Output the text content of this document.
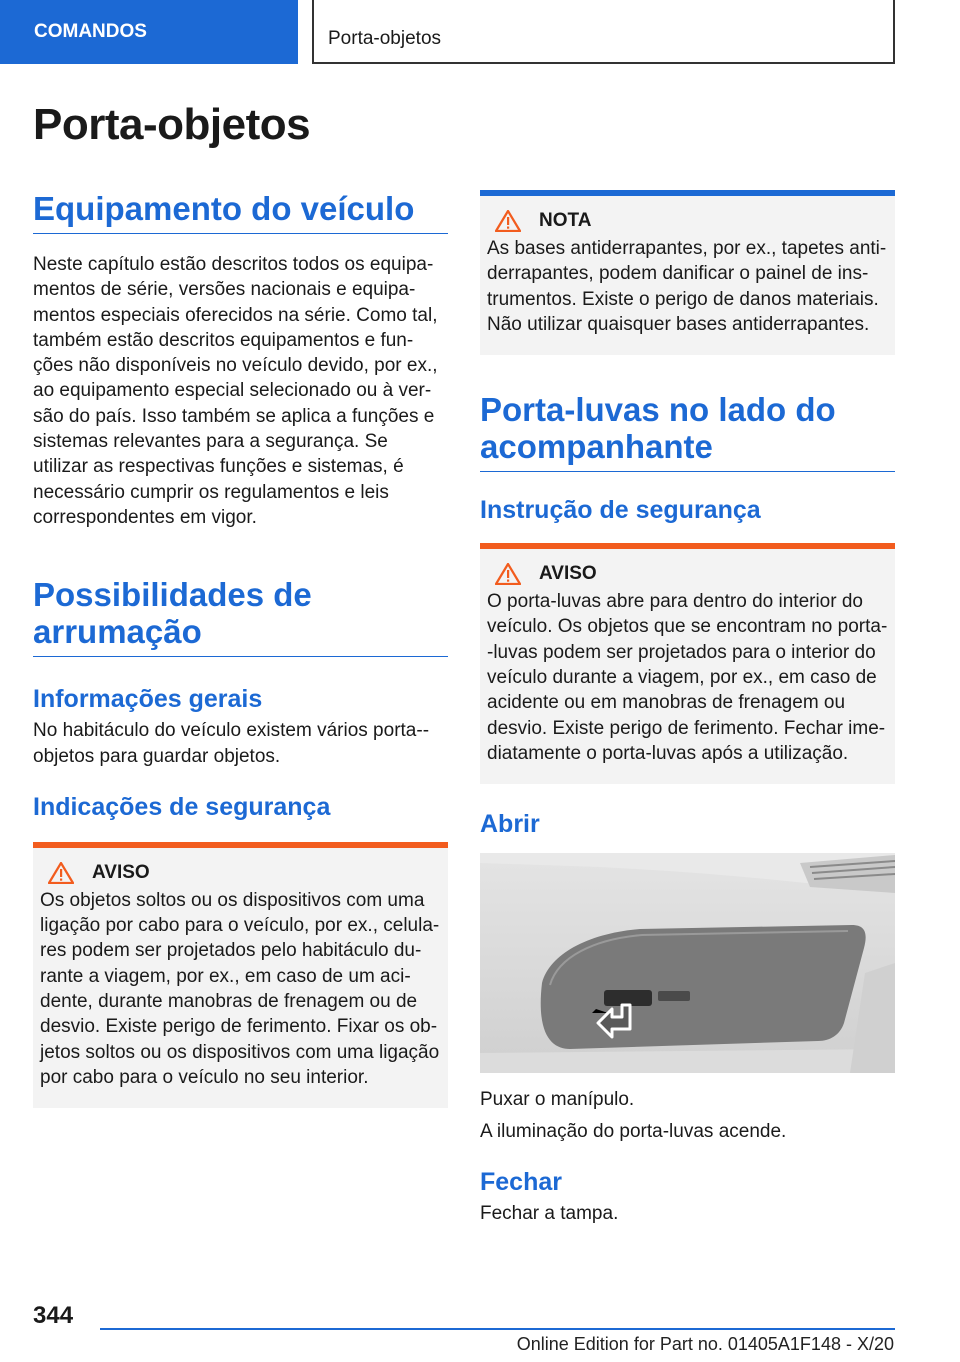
COMANDOS	Porta-objetos
Porta-objetos
Equipamento do veículo

Neste capítulo estão descritos todos os equipa-mentos de série, versões nacionais e equipa-mentos especiais oferecidos na série. Como tal, também estão descritos equipamentos e fun-ções não disponíveis no veículo devido, por ex., ao equipamento especial selecionado ou à ver-são do país. Isso também se aplica a funções e sistemas relevantes para a segurança. Se utilizar as respectivas funções e sistemas, é necessário cumprir os regulamentos e leis correspondentes em vigor.

Possibilidades de arrumação
Informações gerais

No habitáculo do veículo existem vários porta--objetos para guardar objetos.

Indicações de segurança
AVISO

Os objetos soltos ou os dispositivos com uma ligação por cabo para o veículo, por ex., celula-res podem ser projetados pelo habitáculo du-rante a viagem, por ex., em caso de um aci-dente, durante manobras de frenagem ou de desvio. Existe perigo de ferimento. Fixar os ob-jetos soltos ou os dispositivos com uma ligação por cabo para o veículo no seu interior.

NOTA

As bases antiderrapantes, por ex., tapetes anti-derrapantes, podem danificar o painel de ins-trumentos. Existe o perigo de danos materiais. Não utilizar quaisquer bases antiderrapantes.

Porta-luvas no lado do acompanhante
Instrução de segurança
AVISO

O porta-luvas abre para dentro do interior do veículo. Os objetos que se encontram no porta--luvas podem ser projetados para o interior do veículo durante a viagem, por ex., em caso de acidente ou em manobras de frenagem ou desvio. Existe perigo de ferimento. Fechar ime-diatamente o porta-luvas após a utilização.

Abrir

Puxar o manípulo.

A iluminação do porta-luvas acende.

Fechar

Fechar a tampa.

344
Online Edition for Part no. 01405A1F148 - X/20
